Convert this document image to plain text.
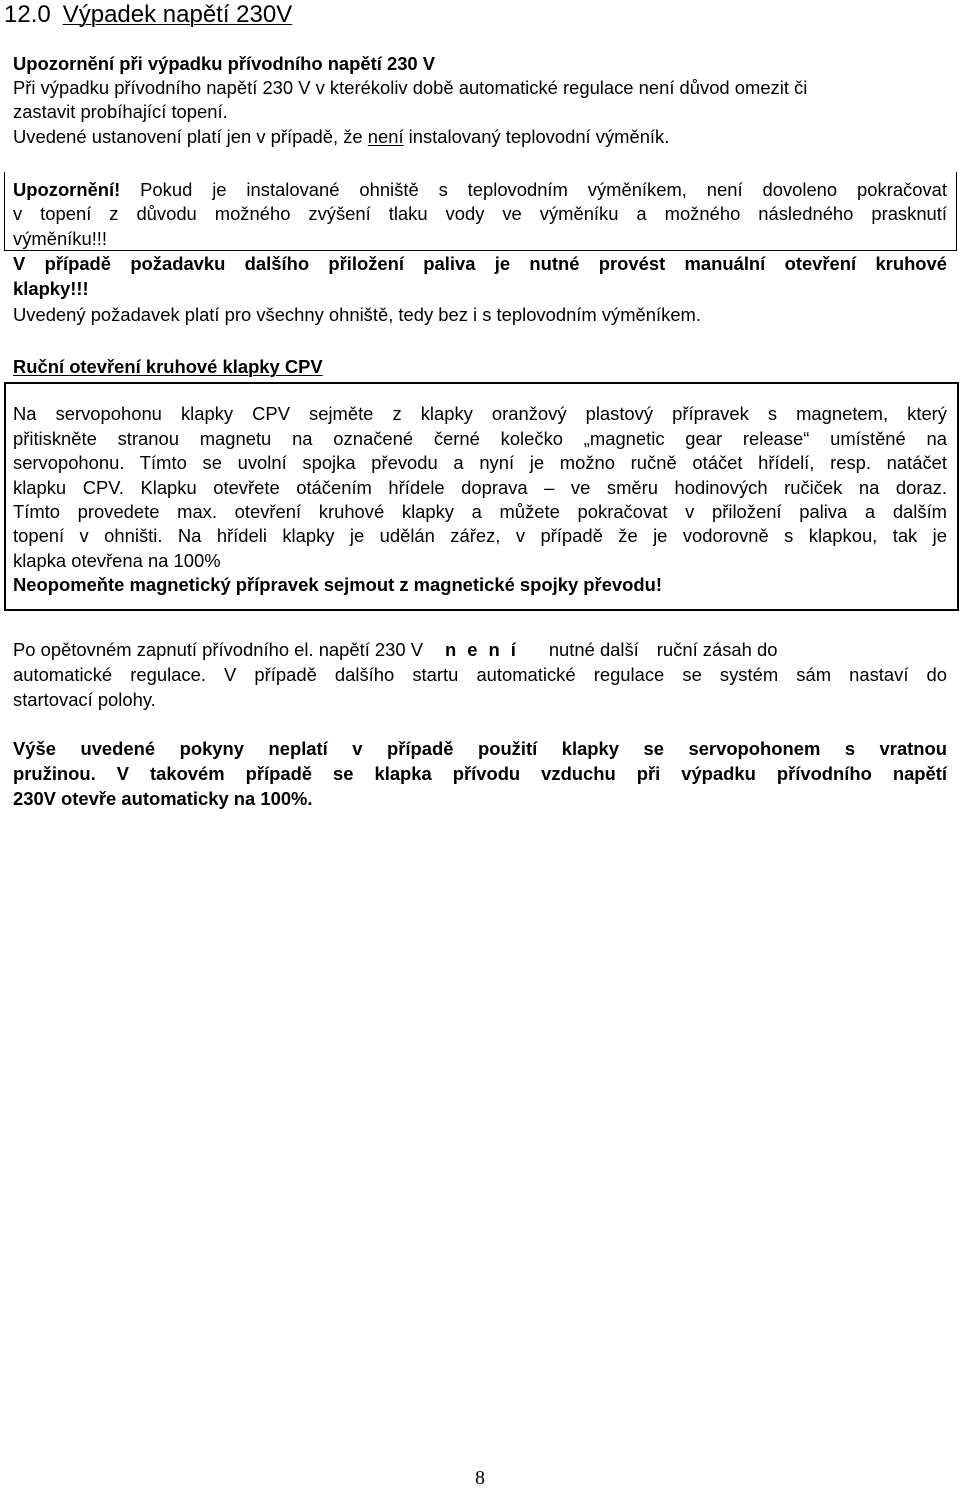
12.0 Výpadek napětí 230V
Upozornění při výpadku přívodního napětí 230 V
Při výpadku přívodního napětí 230 V v kterékoliv době automatické regulace není důvod omezit či
zastavit probíhající topení.
Uvedené ustanovení platí jen v případě, že není instalovaný teplovodní výměník.
Upozornění! Pokud je instalované ohniště s teplovodním výměníkem, není dovoleno pokračovat
v topení z důvodu možného zvýšení tlaku vody ve výměníku a možného následného prasknutí
výměníku!!!
V případě požadavku dalšího přiložení paliva je nutné provést manuální otevření kruhové
klapky!!!
Uvedený požadavek platí pro všechny ohniště, tedy bez i s teplovodním výměníkem.
Ruční otevření kruhové klapky CPV
Na servopohonu klapky CPV sejměte z klapky oranžový plastový přípravek s magnetem, který
přitiskněte stranou magnetu na označené černé kolečko „magnetic gear release“ umístěné na
servopohonu. Tímto se uvolní spojka převodu a nyní je možno ručně otáčet hřídelí, resp. natáčet
klapku CPV. Klapku otevřete otáčením hřídele doprava – ve směru hodinových ručiček na doraz.
Tímto provedete max. otevření kruhové klapky a můžete pokračovat v přiložení paliva a dalším
topení v ohništi. Na hřídeli klapky je udělán zářez, v případě že je vodorovně s klapkou, tak je
klapka otevřena na 100%
Neopomeňte magnetický přípravek sejmout z magnetické spojky převodu!
Po opětovném zapnutí přívodního el. napětí 230 V není nutné další ruční zásah do
automatické regulace. V případě dalšího startu automatické regulace se systém sám nastaví do
startovací polohy.
Výše uvedené pokyny neplatí v případě použití klapky se servopohonem s vratnou
pružinou. V takovém případě se klapka přívodu vzduchu při výpadku přívodního napětí
230V otevře automaticky na 100%.
8
